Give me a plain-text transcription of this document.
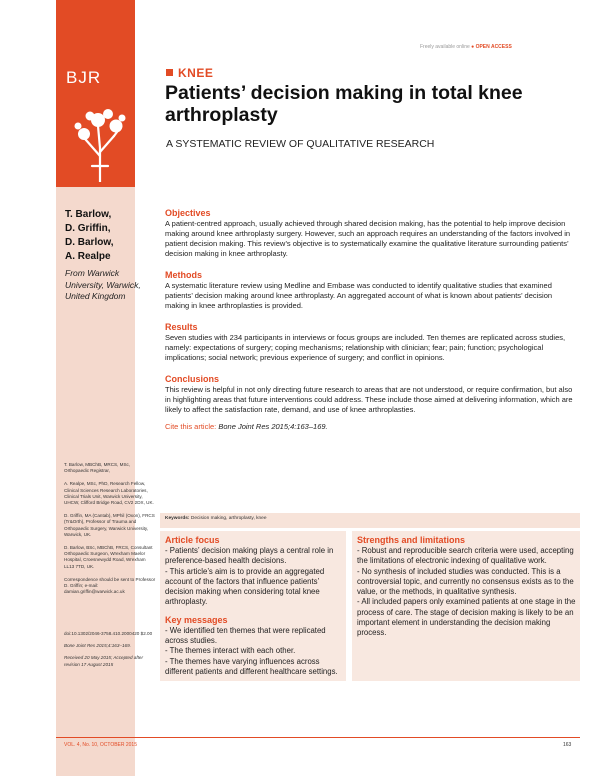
BJR
Freely available online ● OPEN ACCESS
KNEE
Patients’ decision making in total knee arthroplasty
A SYSTEMATIC REVIEW OF QUALITATIVE RESEARCH
T. Barlow,
D. Griffin,
D. Barlow,
A. Realpe
From Warwick
University, Warwick,
United Kingdom

T. Barlow, MBChB, MRCS, MSc, Orthopaedic Registrar,

A. Realpe, MSc, PhD, Research Fellow, Clinical Sciences Research Laboratories, Clinical Trials Unit, Warwick University, UHCW, Clifford Bridge Road, CV2 2DX, UK.

D. Griffin, MA (Cantab), MPhil (Oxon), FRCS (Tr&Orth), Professor of Trauma and Orthopaedic Surgery, Warwick University, Warwick, UK.

D. Barlow, BSc, MBChB, FRCS, Consultant Orthopaedic Surgeon, Wrexham Maelor Hospital, Croesnewydd Road, Wrexham LL13 7TD, UK.

Correspondence should be sent to Professor D. Griffin; e-mail: damian.griffin@warwick.ac.uk

doi:10.1302/2046-3758.410.2000420 $2.00

Bone Joint Res 2015;4:163–169.

Received 20 May 2015; Accepted after revision 17 August 2015

Objectives

A patient-centred approach, usually achieved through shared decision making, has the potential to help improve decision making around knee arthroplasty surgery. However, such an approach requires an understanding of the factors involved in patient decision making. This review’s objective is to systematically examine the qualitative literature surrounding patients’ decision making in knee arthroplasty.

Methods

A systematic literature review using Medline and Embase was conducted to identify qualitative studies that examined patients’ decision making around knee arthroplasty. An aggregated account of what is known about patients’ decision making in knee arthroplasties is provided.

Results

Seven studies with 234 participants in interviews or focus groups are included. Ten themes are replicated across studies, namely: expectations of surgery; coping mechanisms; relationship with clinician; fear; pain; function; psychological implications; social network; previous experience of surgery; and conflict in opinions.

Conclusions

This review is helpful in not only directing future research to areas that are not understood, or require confirmation, but also in highlighting areas that future interventions could address. These include those aimed at delivering information, which are likely to affect the satisfaction rate, demand, and use of knee arthroplasties.

Cite this article: Bone Joint Res 2015;4:163–169.
Keywords: Decision making, arthroplasty, knee
Article focus

- Patients’ decision making plays a central role in preference-based health decisions.

- This article’s aim is to provide an aggregated account of the factors that influence patients’ decision making when considering total knee arthroplasty.

Key messages

- We identified ten themes that were replicated across studies.

- The themes interact with each other.

- The themes have varying influences across different patients and different healthcare settings.

Strengths and limitations

- Robust and reproducible search criteria were used, accepting the limitations of electronic indexing of qualitative work.

- No synthesis of included studies was conducted. This is a controversial topic, and currently no consensus exists as to the value, or the methods, in qualitative synthesis.

- All included papers only examined patients at one stage in the process of care. The stage of decision making is likely to be an important element in understanding the decision making process.

VOL. 4, No. 10, OCTOBER 2015	163
